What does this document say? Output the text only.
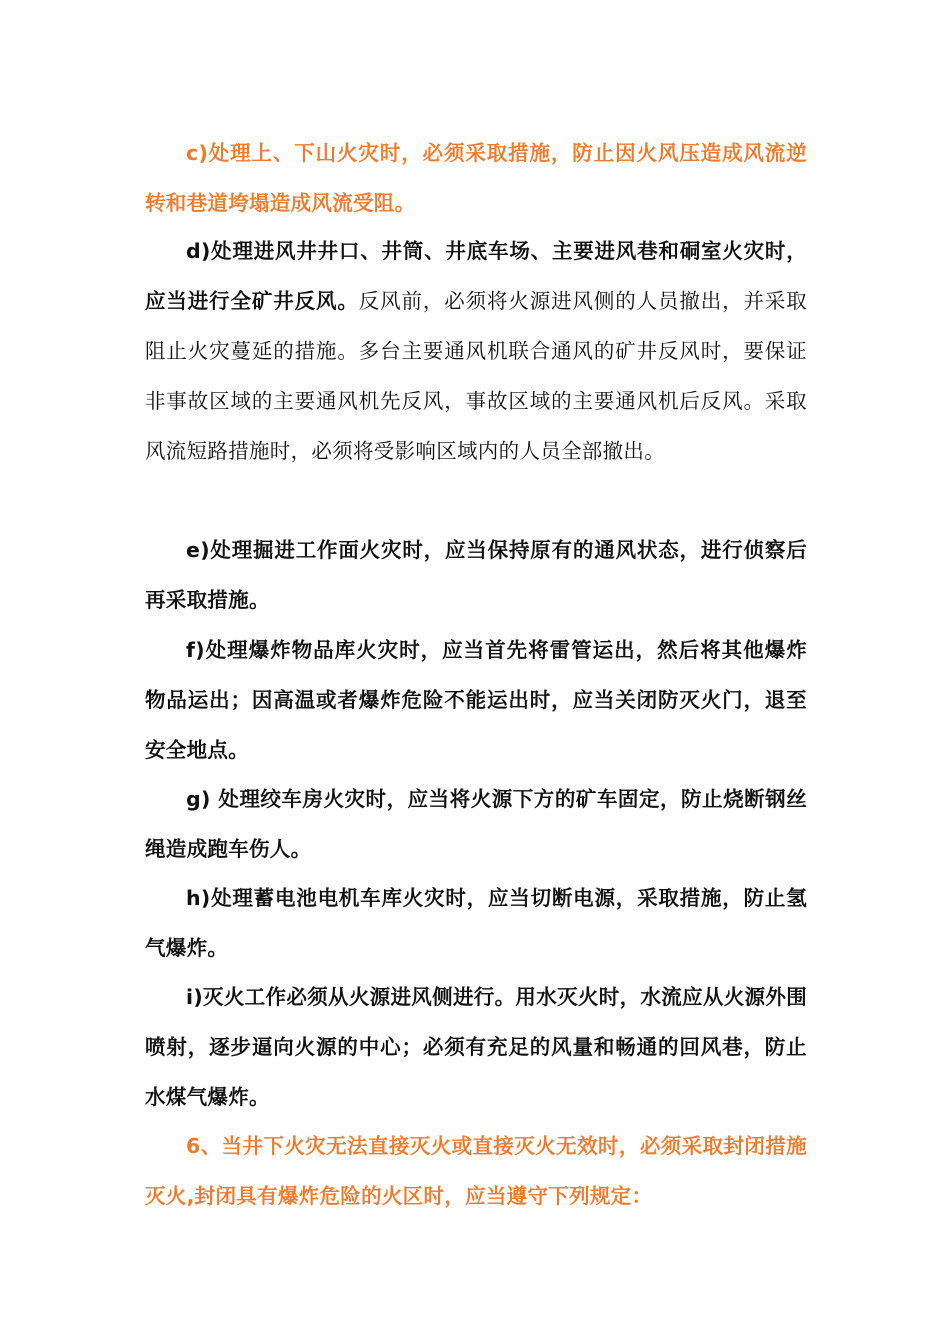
c)处理上、下山火灾时，必须采取措施，防止因火风压造成风流逆转和巷道垮塌造成风流受阻。

d)处理进风井井口、井筒、井底车场、主要进风巷和硐室火灾时，应当进行全矿井反风。反风前，必须将火源进风侧的人员撤出，并采取阻止火灾蔓延的措施。多台主要通风机联合通风的矿井反风时，要保证非事故区域的主要通风机先反风，事故区域的主要通风机后反风。采取风流短路措施时，必须将受影响区域内的人员全部撤出。

e)处理掘进工作面火灾时，应当保持原有的通风状态，进行侦察后再采取措施。

f)处理爆炸物品库火灾时，应当首先将雷管运出，然后将其他爆炸物品运出；因高温或者爆炸危险不能运出时，应当关闭防灭火门，退至安全地点。

g) 处理绞车房火灾时，应当将火源下方的矿车固定，防止烧断钢丝绳造成跑车伤人。

h)处理蓄电池电机车库火灾时，应当切断电源，采取措施，防止氢气爆炸。

i)灭火工作必须从火源进风侧进行。用水灭火时，水流应从火源外围喷射，逐步逼向火源的中心；必须有充足的风量和畅通的回风巷，防止水煤气爆炸。

6、当井下火灾无法直接灭火或直接灭火无效时，必须采取封闭措施灭火,封闭具有爆炸危险的火区时，应当遵守下列规定：
